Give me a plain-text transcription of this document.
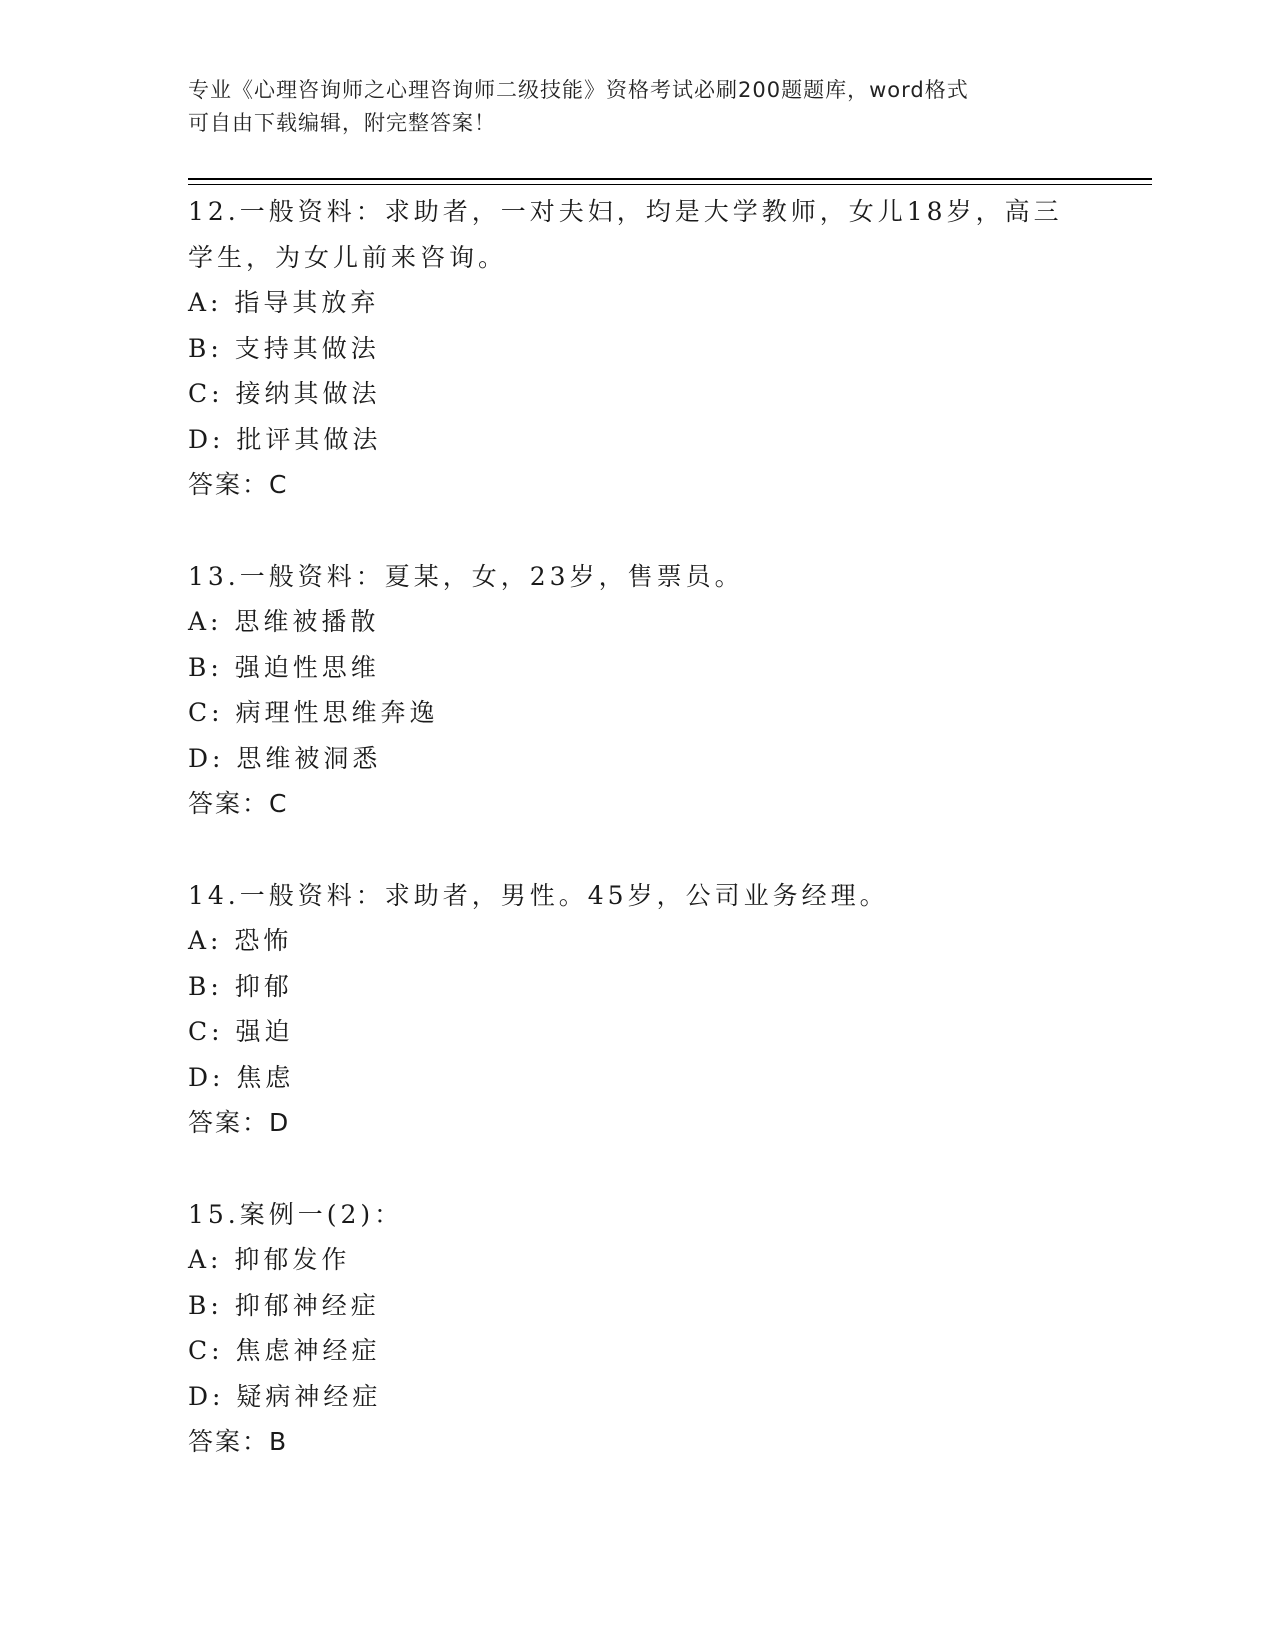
专业《心理咨询师之心理咨询师二级技能》资格考试必刷200题题库，word格式
可自由下载编辑，附完整答案！

12.一般资料：求助者，一对夫妇，均是大学教师，女儿18岁，高三学生，为女儿前来咨询。

A: 指导其放弃

B: 支持其做法

C: 接纳其做法

D: 批评其做法

答案：C

13.一般资料：夏某，女，23岁，售票员。

A: 思维被播散

B: 强迫性思维

C: 病理性思维奔逸

D: 思维被洞悉

答案：C

14.一般资料：求助者，男性。45岁，公司业务经理。

A: 恐怖

B: 抑郁

C: 强迫

D: 焦虑

答案：D

15.案例一(2)：

A: 抑郁发作

B: 抑郁神经症

C: 焦虑神经症

D: 疑病神经症

答案：B
